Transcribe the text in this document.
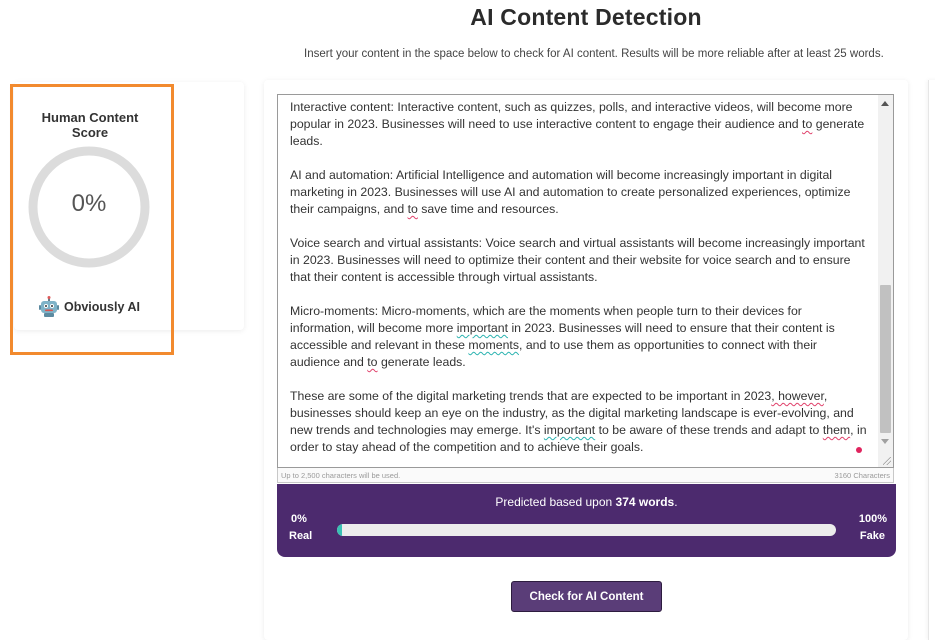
AI Content Detection
Insert your content in the space below to check for AI content. Results will be more reliable after at least 25 words.
Human Content Score
0%
Obviously AI

Interactive content: Interactive content, such as quizzes, polls, and interactive videos, will become more popular in 2023. Businesses will need to use interactive content to engage their audience and to generate leads.

AI and automation: Artificial Intelligence and automation will become increasingly important in digital marketing in 2023. Businesses will use AI and automation to create personalized experiences, optimize their campaigns, and to save time and resources.

Voice search and virtual assistants: Voice search and virtual assistants will become increasingly important in 2023. Businesses will need to optimize their content and their website for voice search and to ensure that their content is accessible through virtual assistants.

Micro-moments: Micro-moments, which are the moments when people turn to their devices for information, will become more important in 2023. Businesses will need to ensure that their content is accessible and relevant in these moments, and to use them as opportunities to connect with their audience and to generate leads.

These are some of the digital marketing trends that are expected to be important in 2023, however, businesses should keep an eye on the industry, as the digital marketing landscape is ever-evolving, and new trends and technologies may emerge. It's important to be aware of these trends and adapt to them, in order to stay ahead of the competition and to achieve their goals.

Up to 2,500 characters will be used.	3160 Characters
Predicted based upon 374 words.
0%
Real
100%
Fake
Check for AI Content
